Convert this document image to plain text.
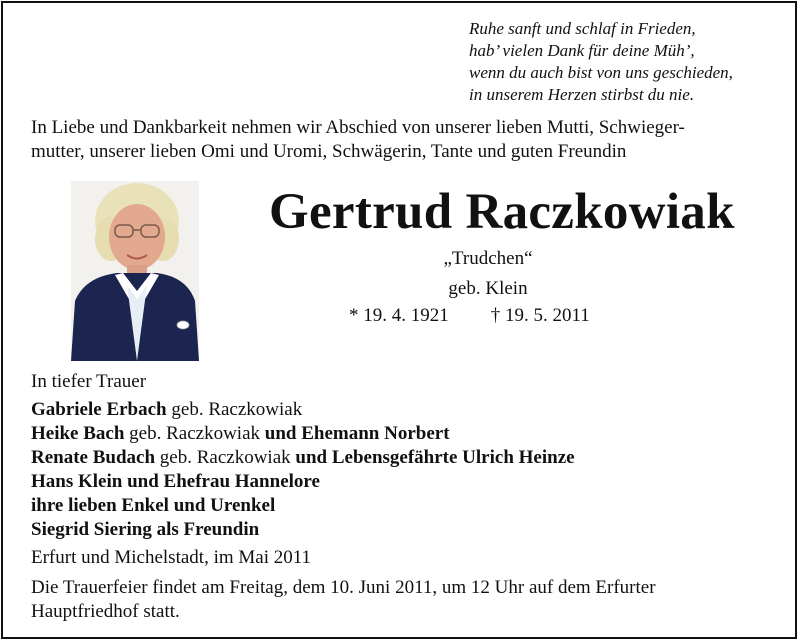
Ruhe sanft und schlaf in Frieden,
hab’ vielen Dank für deine Müh’,
wenn du auch bist von uns geschieden,
in unserem Herzen stirbst du nie.
In Liebe und Dankbarkeit nehmen wir Abschied von unserer lieben Mutti, Schwieger-
mutter, unserer lieben Omi und Uromi, Schwägerin, Tante und guten Freundin
Gertrud Raczkowiak
„Trudchen“
geb. Klein
* 19. 4. 1921 † 19. 5. 2011
In tiefer Trauer
Gabriele Erbach geb. Raczkowiak
Heike Bach geb. Raczkowiak und Ehemann Norbert
Renate Budach geb. Raczkowiak und Lebensgefährte Ulrich Heinze
Hans Klein und Ehefrau Hannelore
ihre lieben Enkel und Urenkel
Siegrid Siering als Freundin
Erfurt und Michelstadt, im Mai 2011
Die Trauerfeier findet am Freitag, dem 10. Juni 2011, um 12 Uhr auf dem Erfurter
Hauptfriedhof statt.
